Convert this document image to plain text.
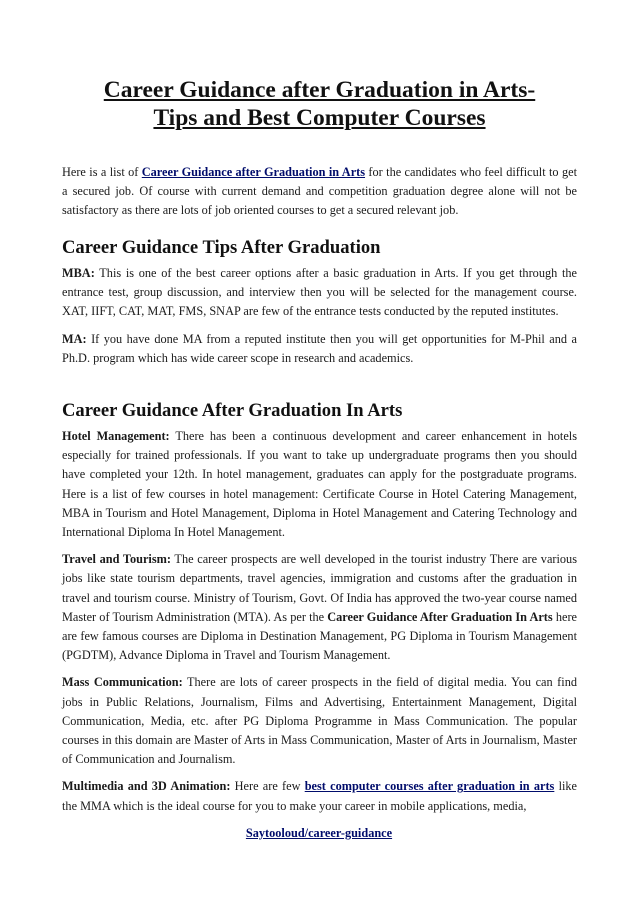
Career Guidance after Graduation in Arts-
Tips and Best Computer Courses

Here is a list of Career Guidance after Graduation in Arts for the candidates who feel difficult to get a secured job. Of course with current demand and competition graduation degree alone will not be satisfactory as there are lots of job oriented courses to get a secured relevant job.

Career Guidance Tips After Graduation

MBA: This is one of the best career options after a basic graduation in Arts. If you get through the entrance test, group discussion, and interview then you will be selected for the management course. XAT, IIFT, CAT, MAT, FMS, SNAP are few of the entrance tests conducted by the reputed institutes.

MA: If you have done MA from a reputed institute then you will get opportunities for M-Phil and a Ph.D. program which has wide career scope in research and academics.

Career Guidance After Graduation In Arts

Hotel Management: There has been a continuous development and career enhancement in hotels especially for trained professionals. If you want to take up undergraduate programs then you should have completed your 12th. In hotel management, graduates can apply for the postgraduate programs. Here is a list of few courses in hotel management: Certificate Course in Hotel Catering Management, MBA in Tourism and Hotel Management, Diploma in Hotel Management and Catering Technology and International Diploma In Hotel Management.

Travel and Tourism: The career prospects are well developed in the tourist industry There are various jobs like state tourism departments, travel agencies, immigration and customs after the graduation in travel and tourism course. Ministry of Tourism, Govt. Of India has approved the two-year course named Master of Tourism Administration (MTA). As per the Career Guidance After Graduation In Arts here are few famous courses are Diploma in Destination Management, PG Diploma in Tourism Management (PGDTM), Advance Diploma in Travel and Tourism Management.

Mass Communication: There are lots of career prospects in the field of digital media. You can find jobs in Public Relations, Journalism, Films and Advertising, Entertainment Management, Digital Communication, Media, etc. after PG Diploma Programme in Mass Communication. The popular courses in this domain are Master of Arts in Mass Communication, Master of Arts in Journalism, Master of Communication and Journalism.

Multimedia and 3D Animation: Here are few best computer courses after graduation in arts like the MMA which is the ideal course for you to make your career in mobile applications, media,

Saytooloud/career-guidance
